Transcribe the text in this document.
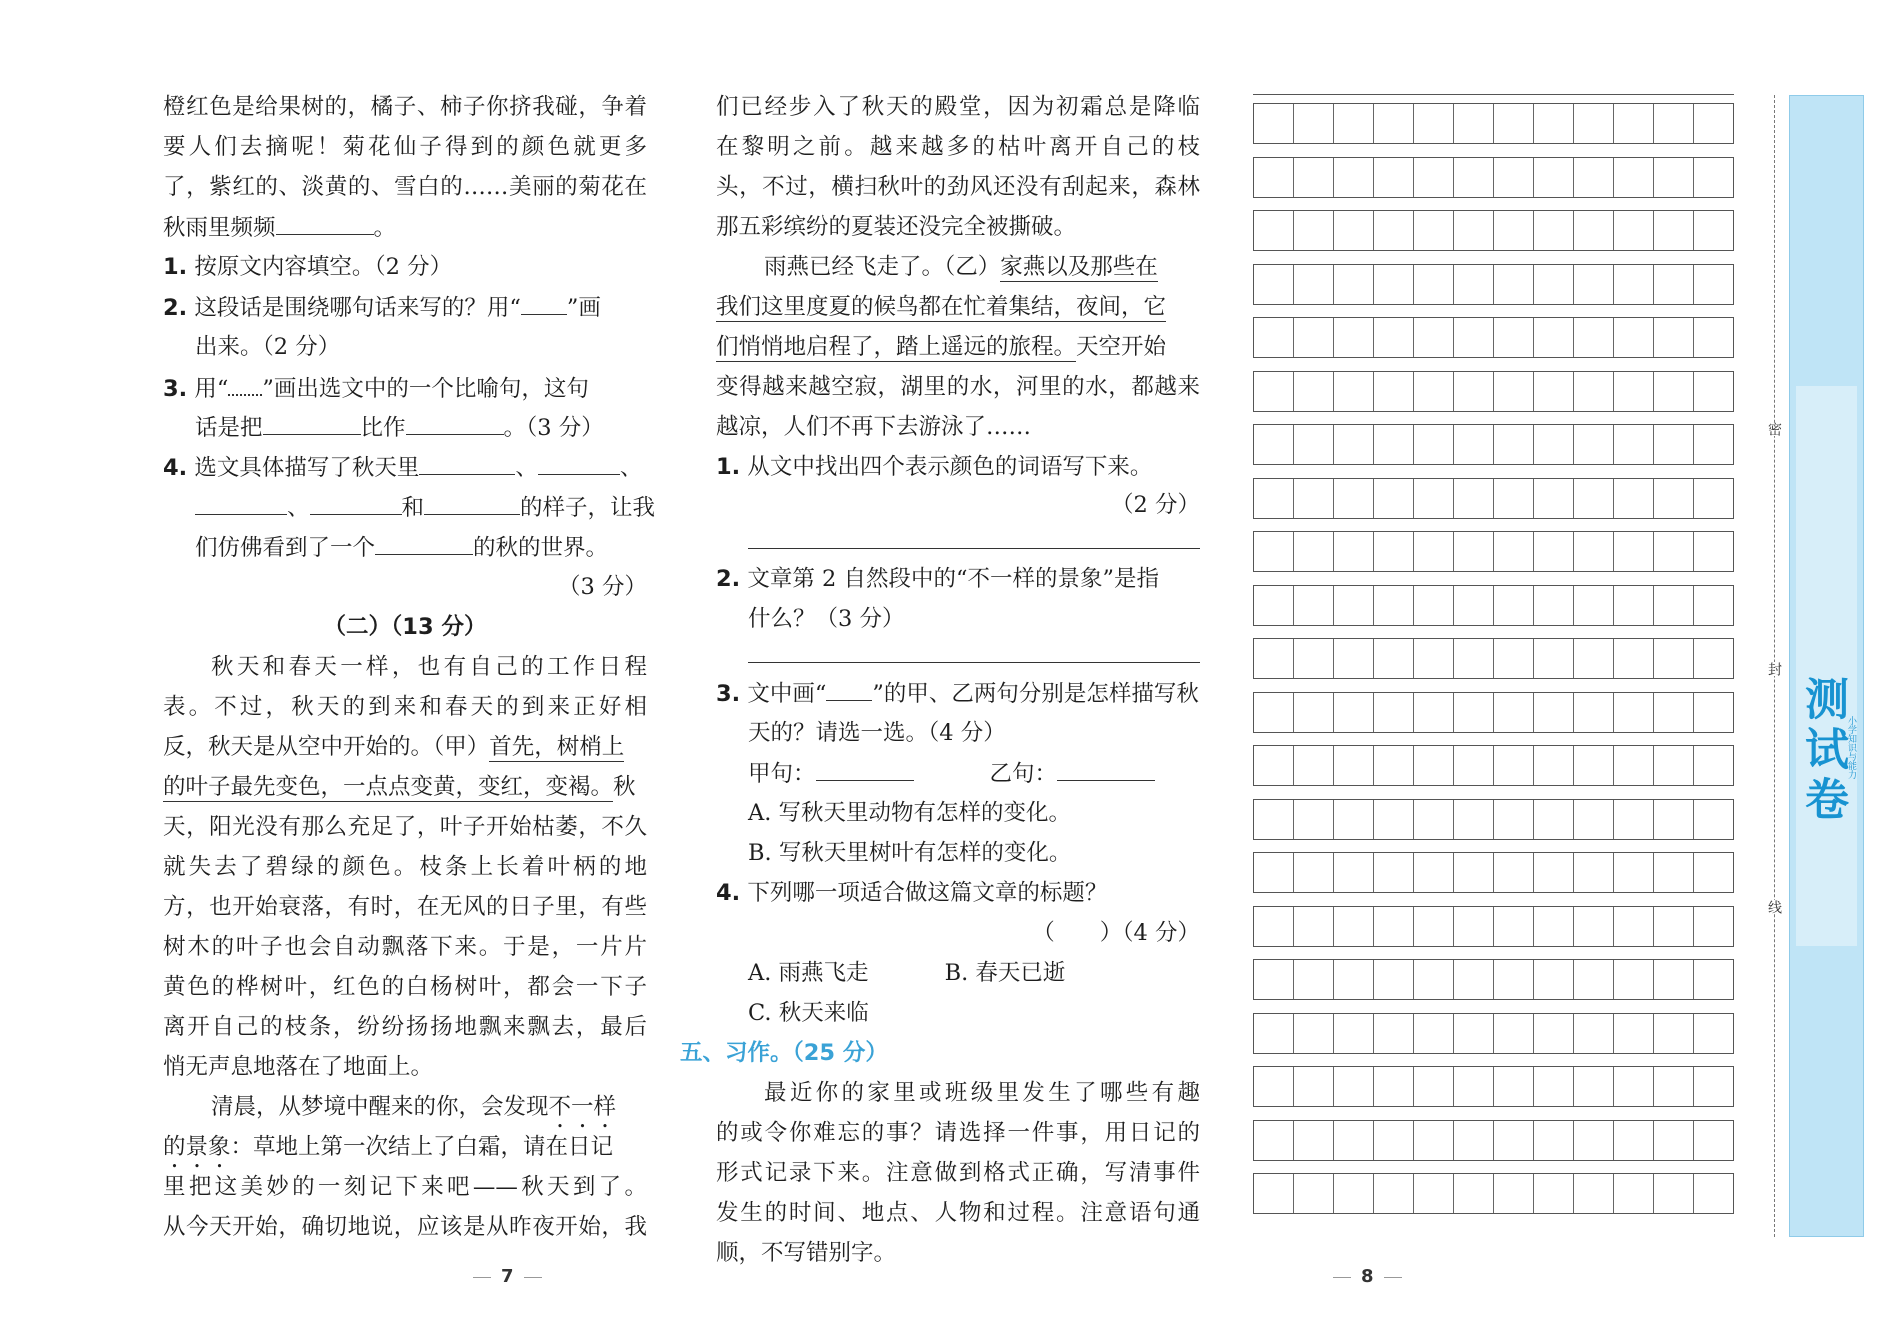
橙红色是给果树的，橘子、柿子你挤我碰，争着
要人们去摘呢！菊花仙子得到的颜色就更多
了，紫红的、淡黄的、雪白的……美丽的菊花在
秋雨里频频	。
1. 按原文内容填空。（2 分）
2. 这段话是围绕哪句话来写的？用“ ”画
出来。（2 分）
3. 用“ ”画出选文中的一个比喻句，这句
话是把	比作	。（3 分）
4. 选文具体描写了秋天里	、	、
、	和	的样子，让我
们仿佛看到了一个	的秋的世界。
（3 分）
（二）（13 分）
秋天和春天一样，也有自己的工作日程
表。不过，秋天的到来和春天的到来正好相
反，秋天是从空中开始的。（甲）首先，树梢上
的叶子最先变色，一点点变黄，变红，变褐。秋
天，阳光没有那么充足了，叶子开始枯萎，不久
就失去了碧绿的颜色。枝条上长着叶柄的地
方，也开始衰落，有时，在无风的日子里，有些
树木的叶子也会自动飘落下来。于是，一片片
黄色的桦树叶，红色的白杨树叶，都会一下子
离开自己的枝条，纷纷扬扬地飘来飘去，最后
悄无声息地落在了地面上。
清晨，从梦境中醒来的你，会发现不一样
的景象：草地上第一次结上了白霜，请在日记
里把这美妙的一刻记下来吧——秋天到了。
从今天开始，确切地说，应该是从昨夜开始，我
7
们已经步入了秋天的殿堂，因为初霜总是降临
在黎明之前。越来越多的枯叶离开自己的枝
头，不过，横扫秋叶的劲风还没有刮起来，森林
那五彩缤纷的夏装还没完全被撕破。
雨燕已经飞走了。（乙）家燕以及那些在
我们这里度夏的候鸟都在忙着集结，夜间，它
们悄悄地启程了，踏上遥远的旅程。天空开始
变得越来越空寂，湖里的水，河里的水，都越来
越凉，人们不再下去游泳了……
1. 从文中找出四个表示颜色的词语写下来。
（2 分）
2. 文章第 2 自然段中的“不一样的景象”是指
什么？（3 分）
3. 文中画“ ”的甲、乙两句分别是怎样描写秋
天的？请选一选。（4 分）
甲句：	乙句：
A. 写秋天里动物有怎样的变化。
B. 写秋天里树叶有怎样的变化。
4. 下列哪一项适合做这篇文章的标题？
（　　）（4 分）
A. 雨燕飞走	B. 春天已逝
C. 秋天来临
五、习作。（25 分）
最近你的家里或班级里发生了哪些有趣
的或令你难忘的事？请选择一件事，用日记的
形式记录下来。注意做到格式正确，写清事件
发生的时间、地点、人物和过程。注意语句通
顺，不写错别字。
8
密
封
线
测试卷
小学知识与能力
